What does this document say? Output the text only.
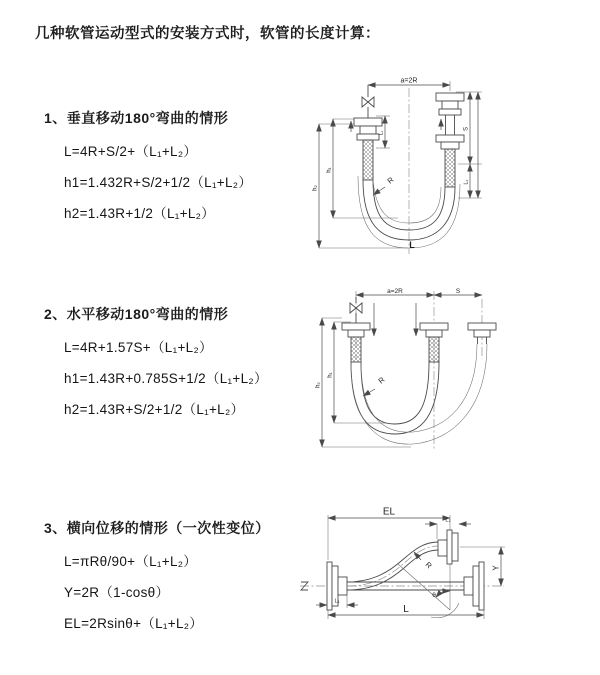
几种软管运动型式的安装方式时，软管的长度计算：
1、垂直移动180°弯曲的情形
L=4R+S/2+（L₁+L₂）
h1=1.432R+S/2+1/2（L₁+L₂）
h2=1.43R+1/2（L₁+L₂）
2、水平移动180°弯曲的情形
L=4R+1.57S+（L₁+L₂）
h1=1.43R+0.785S+1/2（L₁+L₂）
h2=1.43R+S/2+1/2（L₁+L₂）
3、横向位移的情形（一次性变位）
L=πRθ/90+（L₁+L₂）
Y=2R（1-cosθ）
EL=2Rsinθ+（L₁+L₂）
a=2R
R
L
h₂
h₁
L₁
S
L₂
a=2R	S
R
h₂
h₁
EL
L₂
Y
θ
R
L₁
L
